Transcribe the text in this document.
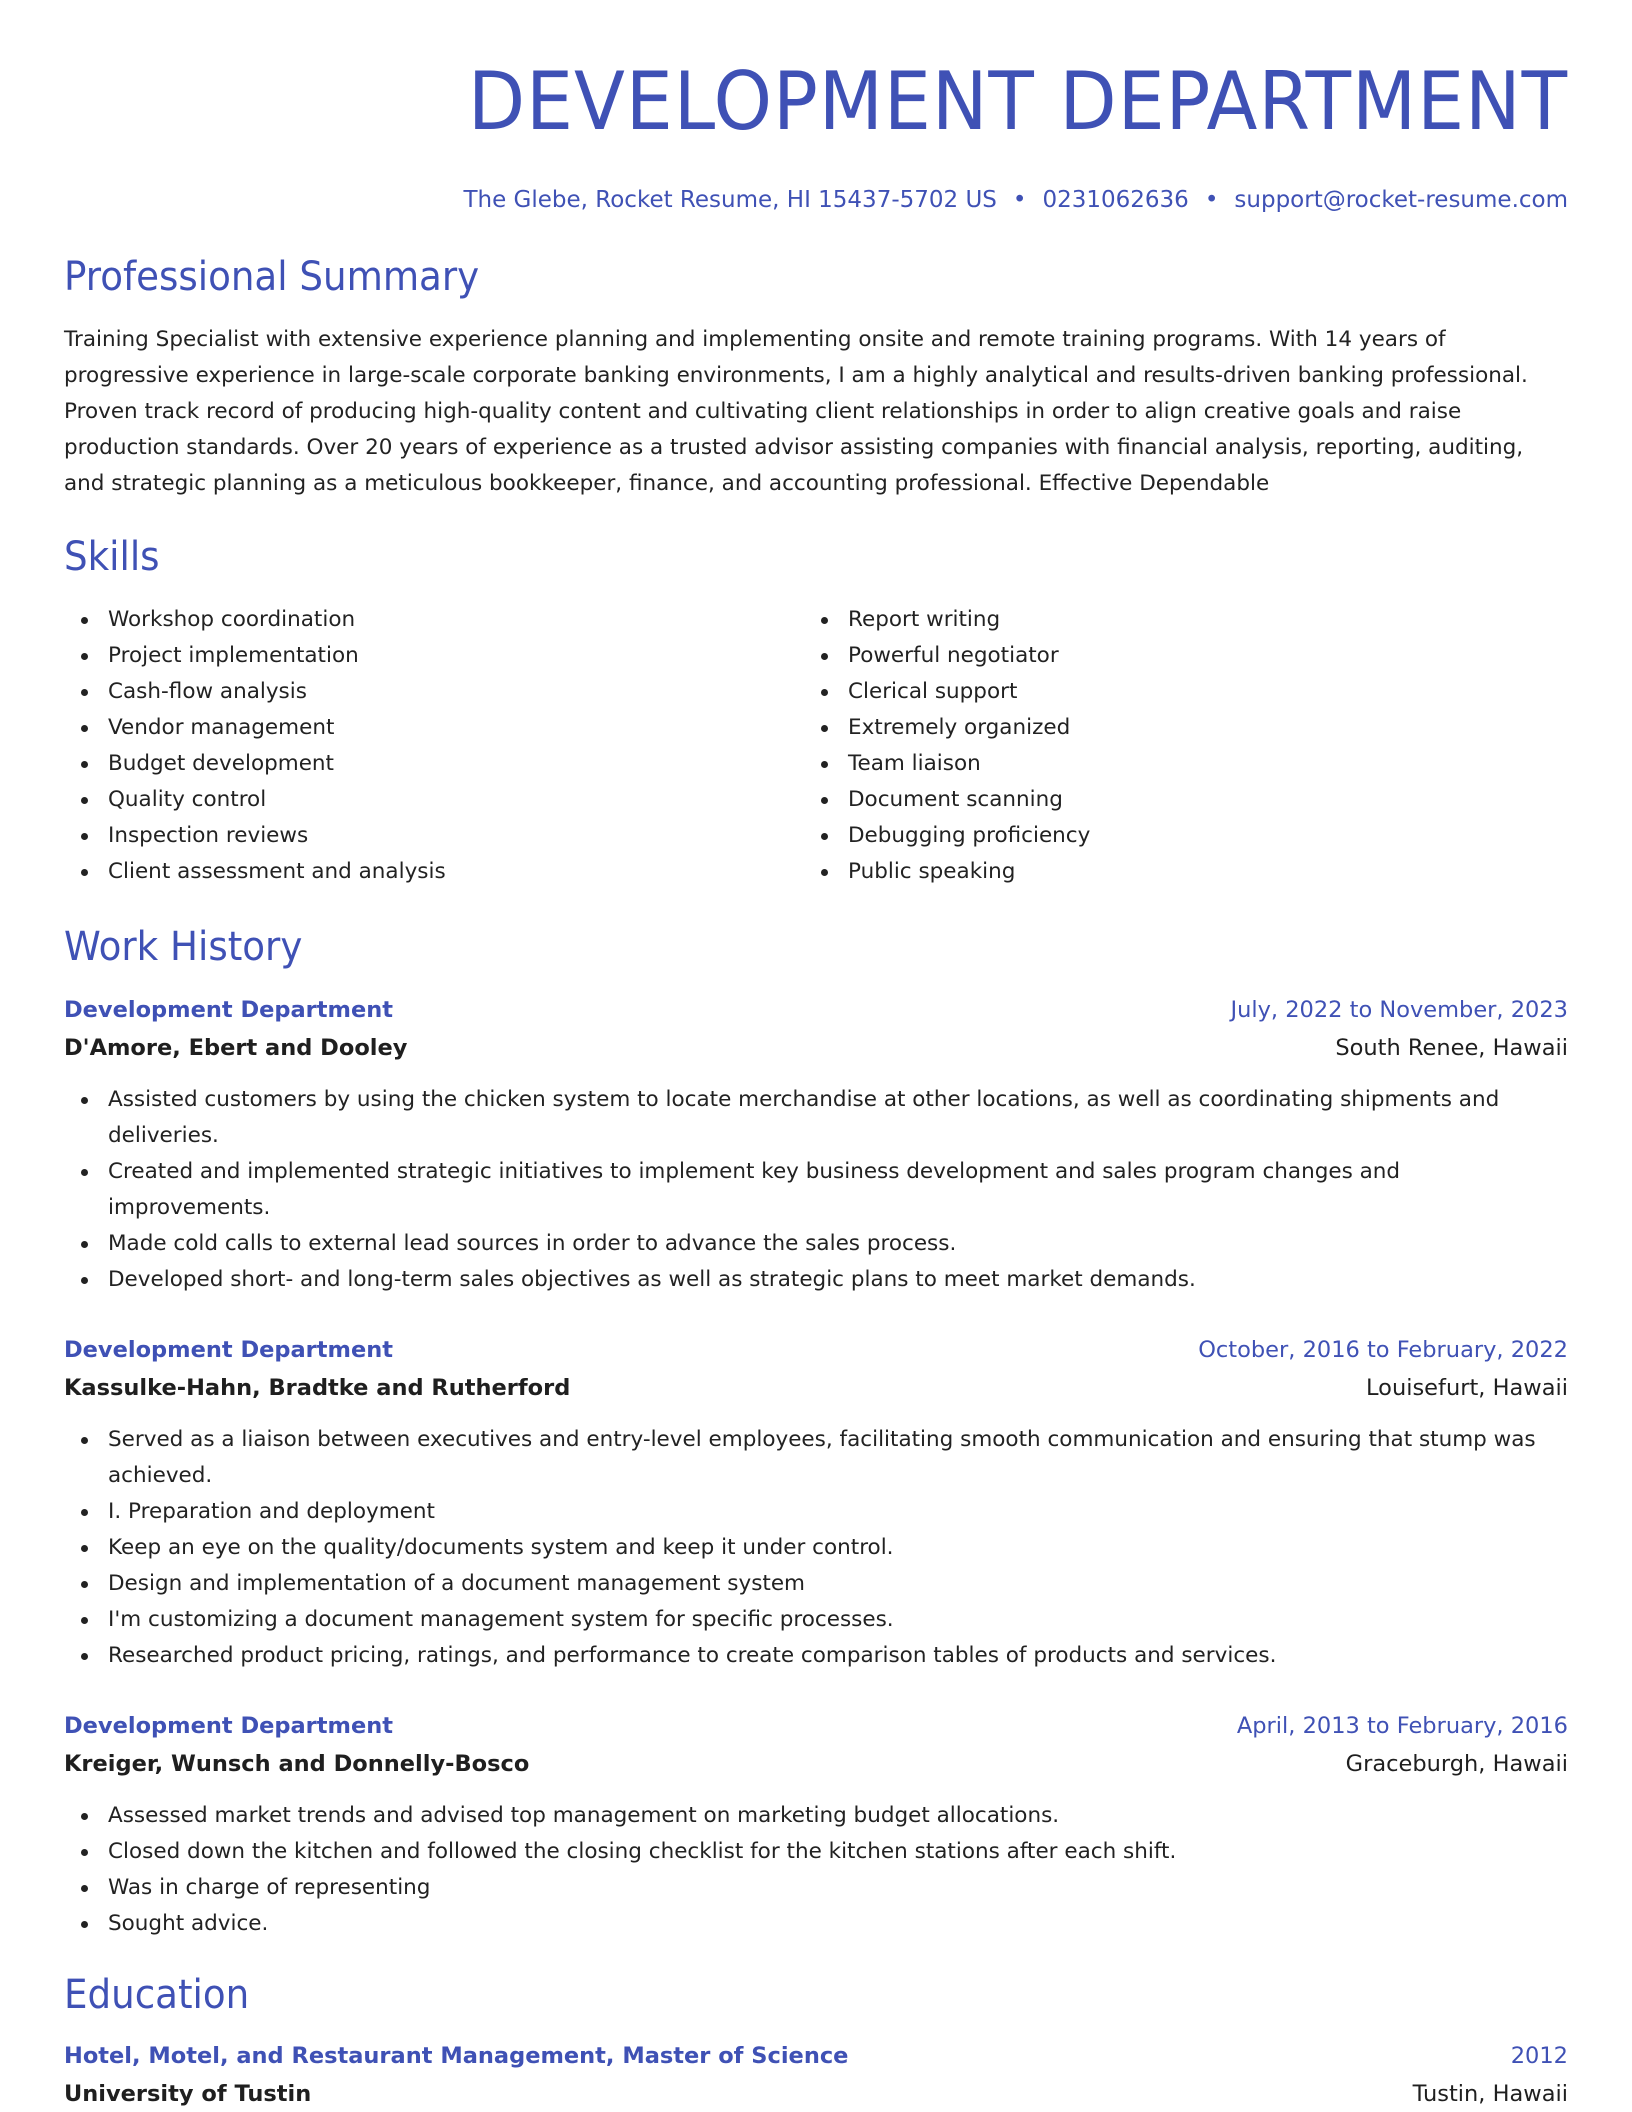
DEVELOPMENT DEPARTMENT
The Glebe, Rocket Resume, HI 15437-5702 US • 0231062636 • support@rocket-resume.com
Professional Summary

Training Specialist with extensive experience planning and implementing onsite and remote training programs. With 14 years of progressive experience in large-scale corporate banking environments, I am a highly analytical and results-driven banking professional. Proven track record of producing high-quality content and cultivating client relationships in order to align creative goals and raise production standards. Over 20 years of experience as a trusted advisor assisting companies with financial analysis, reporting, auditing, and strategic planning as a meticulous bookkeeper, finance, and accounting professional. Effective Dependable

Skills
Workshop coordination
Project implementation
Cash-flow analysis
Vendor management
Budget development
Quality control
Inspection reviews
Client assessment and analysis
Report writing
Powerful negotiator
Clerical support
Extremely organized
Team liaison
Document scanning
Debugging proficiency
Public speaking
Work History
Development Department	July, 2022 to November, 2023
D'Amore, Ebert and Dooley	South Renee, Hawaii
Assisted customers by using the chicken system to locate merchandise at other locations, as well as coordinating shipments and deliveries.
Created and implemented strategic initiatives to implement key business development and sales program changes and improvements.
Made cold calls to external lead sources in order to advance the sales process.
Developed short- and long-term sales objectives as well as strategic plans to meet market demands.
Development Department	October, 2016 to February, 2022
Kassulke-Hahn, Bradtke and Rutherford	Louisefurt, Hawaii
Served as a liaison between executives and entry-level employees, facilitating smooth communication and ensuring that stump was achieved.
I. Preparation and deployment
Keep an eye on the quality/documents system and keep it under control.
Design and implementation of a document management system
I'm customizing a document management system for specific processes.
Researched product pricing, ratings, and performance to create comparison tables of products and services.
Development Department	April, 2013 to February, 2016
Kreiger, Wunsch and Donnelly-Bosco	Graceburgh, Hawaii
Assessed market trends and advised top management on marketing budget allocations.
Closed down the kitchen and followed the closing checklist for the kitchen stations after each shift.
Was in charge of representing
Sought advice.
Education
Hotel, Motel, and Restaurant Management, Master of Science	2012
University of Tustin	Tustin, Hawaii
